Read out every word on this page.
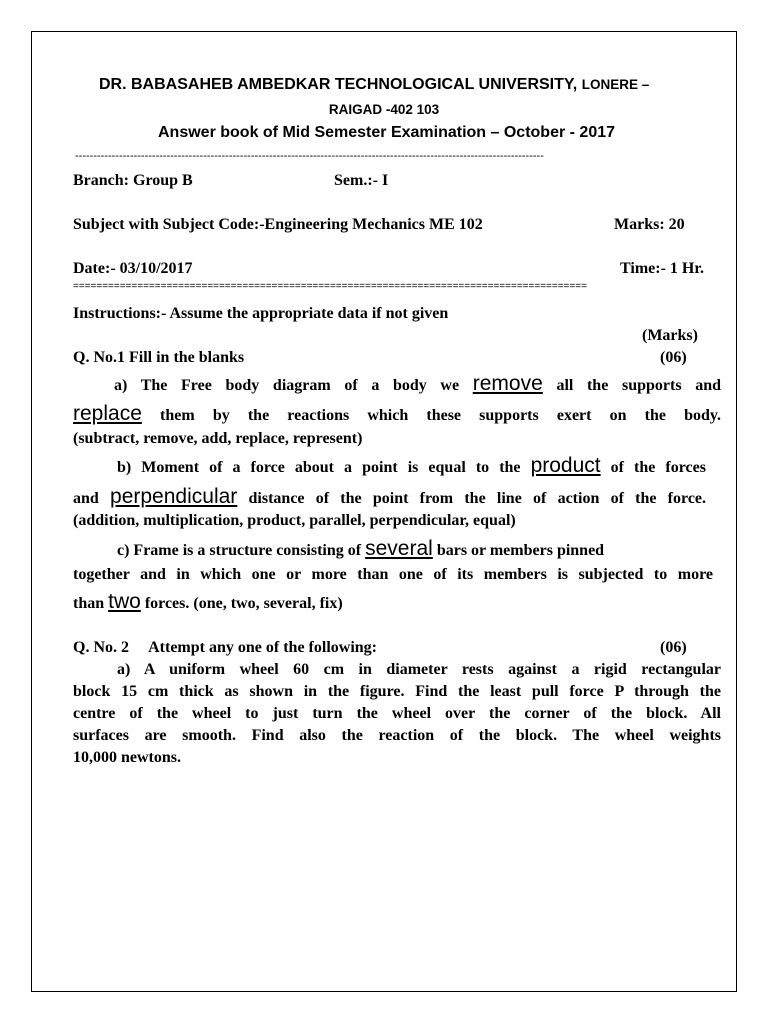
DR. BABASAHEB AMBEDKAR TECHNOLOGICAL UNIVERSITY, LONERE –
RAIGAD -402 103
Answer book of Mid Semester Examination – October - 2017
--------------------------------------------------------------------------------------------------------------------------------
Branch: Group B	Sem.:- I
Subject with Subject Code:-Engineering Mechanics ME 102	Marks: 20
Date:- 03/10/2017	Time:- 1 Hr.
========================================================================================
Instructions:- Assume the appropriate data if not given
(Marks)
Q. No.1 Fill in the blanks	(06)
a) The Free body diagram of a body we remove all the supports and
replace them by the reactions which these supports exert on the body.
(subtract, remove, add, replace, represent)
b) Moment of a force about a point is equal to the product of the forces
and perpendicular distance of the point from the line of action of the force.
(addition, multiplication, product, parallel, perpendicular, equal)
c) Frame is a structure consisting of several bars or members pinned
together and in which one or more than one of its members is subjected to more
than two forces. (one, two, several, fix)
Q. No. 2     Attempt any one of the following:	(06)
a) A uniform wheel 60 cm in diameter rests against a rigid rectangular
block 15 cm thick as shown in the figure. Find the least pull force P through the
centre of the wheel to just turn the wheel over the corner of the block. All
surfaces are smooth. Find also the reaction of the block. The wheel weights
10,000 newtons.
